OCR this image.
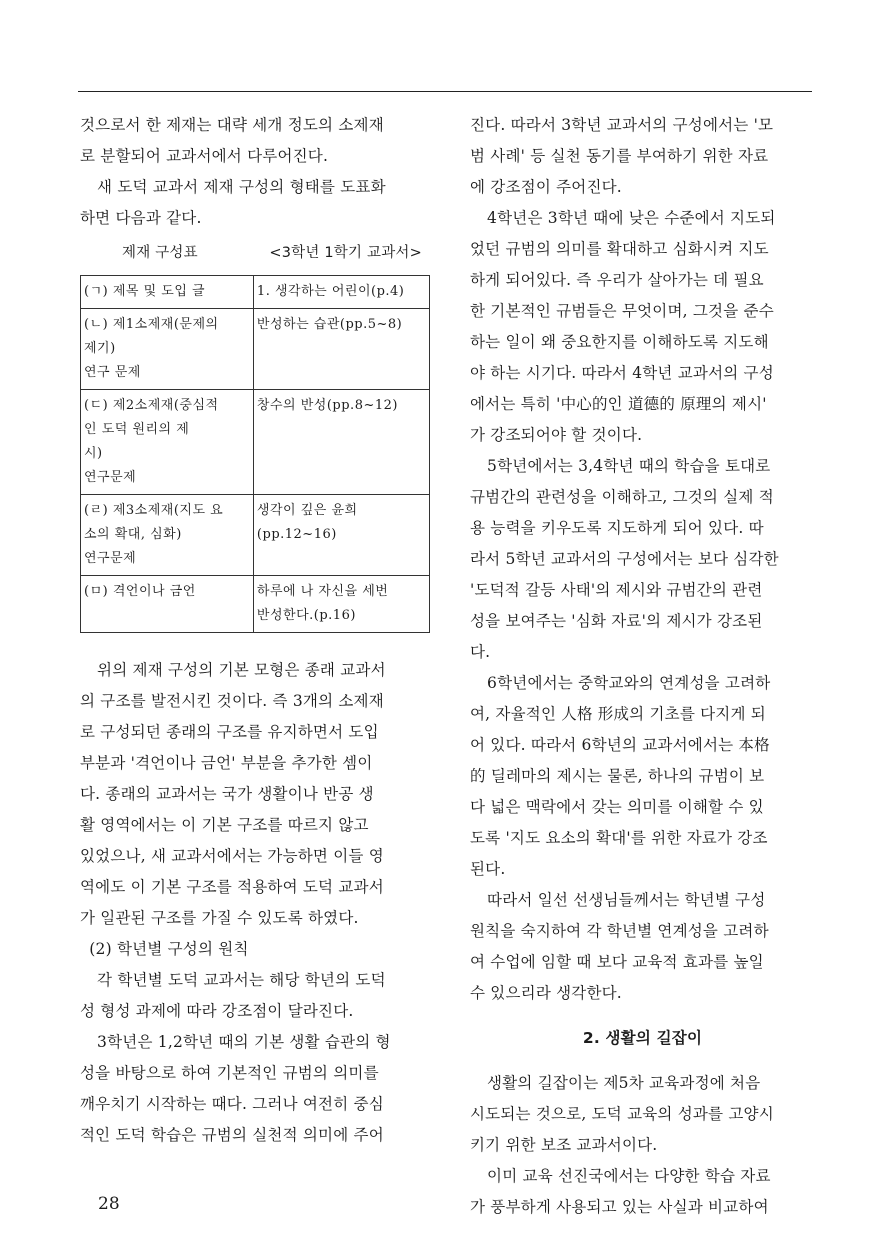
것으로서 한 제재는 대략 세개 정도의 소제재
로 분할되어 교과서에서 다루어진다.

새 도덕 교과서 제재 구성의 형태를 도표화
하면 다음과 같다.

제재 구성표	<3학년 1학기 교과서>
(ㄱ) 제목 및 도입 글	1. 생각하는 어린이(p.4)
(ㄴ) 제1소제재(문제의
제기)
연구 문제	반성하는 습관(pp.5~8)
(ㄷ) 제2소제재(중심적
인 도덕 원리의 제
시)
연구문제	창수의 반성(pp.8~12)
(ㄹ) 제3소제재(지도 요
소의 확대, 심화)
연구문제	생각이 깊은 윤희
(pp.12~16)
(ㅁ) 격언이나 금언	하루에 나 자신을 세번
반성한다.(p.16)

위의 제재 구성의 기본 모형은 종래 교과서
의 구조를 발전시킨 것이다. 즉 3개의 소제재
로 구성되던 종래의 구조를 유지하면서 도입
부분과 '격언이나 금언' 부분을 추가한 셈이
다. 종래의 교과서는 국가 생활이나 반공 생
활 영역에서는 이 기본 구조를 따르지 않고
있었으나, 새 교과서에서는 가능하면 이들 영
역에도 이 기본 구조를 적용하여 도덕 교과서
가 일관된 구조를 가질 수 있도록 하였다.

(2) 학년별 구성의 원칙

각 학년별 도덕 교과서는 해당 학년의 도덕
성 형성 과제에 따라 강조점이 달라진다.

3학년은 1,2학년 때의 기본 생활 습관의 형
성을 바탕으로 하여 기본적인 규범의 의미를
깨우치기 시작하는 때다. 그러나 여전히 중심
적인 도덕 학습은 규범의 실천적 의미에 주어

진다. 따라서 3학년 교과서의 구성에서는 '모
범 사례' 등 실천 동기를 부여하기 위한 자료
에 강조점이 주어진다.

4학년은 3학년 때에 낮은 수준에서 지도되
었던 규범의 의미를 확대하고 심화시켜 지도
하게 되어있다. 즉 우리가 살아가는 데 필요
한 기본적인 규범들은 무엇이며, 그것을 준수
하는 일이 왜 중요한지를 이해하도록 지도해
야 하는 시기다. 따라서 4학년 교과서의 구성
에서는 특히 '中心的인 道德的 原理의 제시'
가 강조되어야 할 것이다.

5학년에서는 3,4학년 때의 학습을 토대로
규범간의 관련성을 이해하고, 그것의 실제 적
용 능력을 키우도록 지도하게 되어 있다. 따
라서 5학년 교과서의 구성에서는 보다 심각한
'도덕적 갈등 사태'의 제시와 규범간의 관련
성을 보여주는 '심화 자료'의 제시가 강조된
다.

6학년에서는 중학교와의 연계성을 고려하
여, 자율적인 人格 形成의 기초를 다지게 되
어 있다. 따라서 6학년의 교과서에서는 本格
的 딜레마의 제시는 물론, 하나의 규범이 보
다 넓은 맥락에서 갖는 의미를 이해할 수 있
도록 '지도 요소의 확대'를 위한 자료가 강조
된다.

따라서 일선 선생님들께서는 학년별 구성
원칙을 숙지하여 각 학년별 연계성을 고려하
여 수업에 임할 때 보다 교육적 효과를 높일
수 있으리라 생각한다.

2. 생활의 길잡이

생활의 길잡이는 제5차 교육과정에 처음
시도되는 것으로, 도덕 교육의 성과를 고양시
키기 위한 보조 교과서이다.

이미 교육 선진국에서는 다양한 학습 자료
가 풍부하게 사용되고 있는 사실과 비교하여

28
